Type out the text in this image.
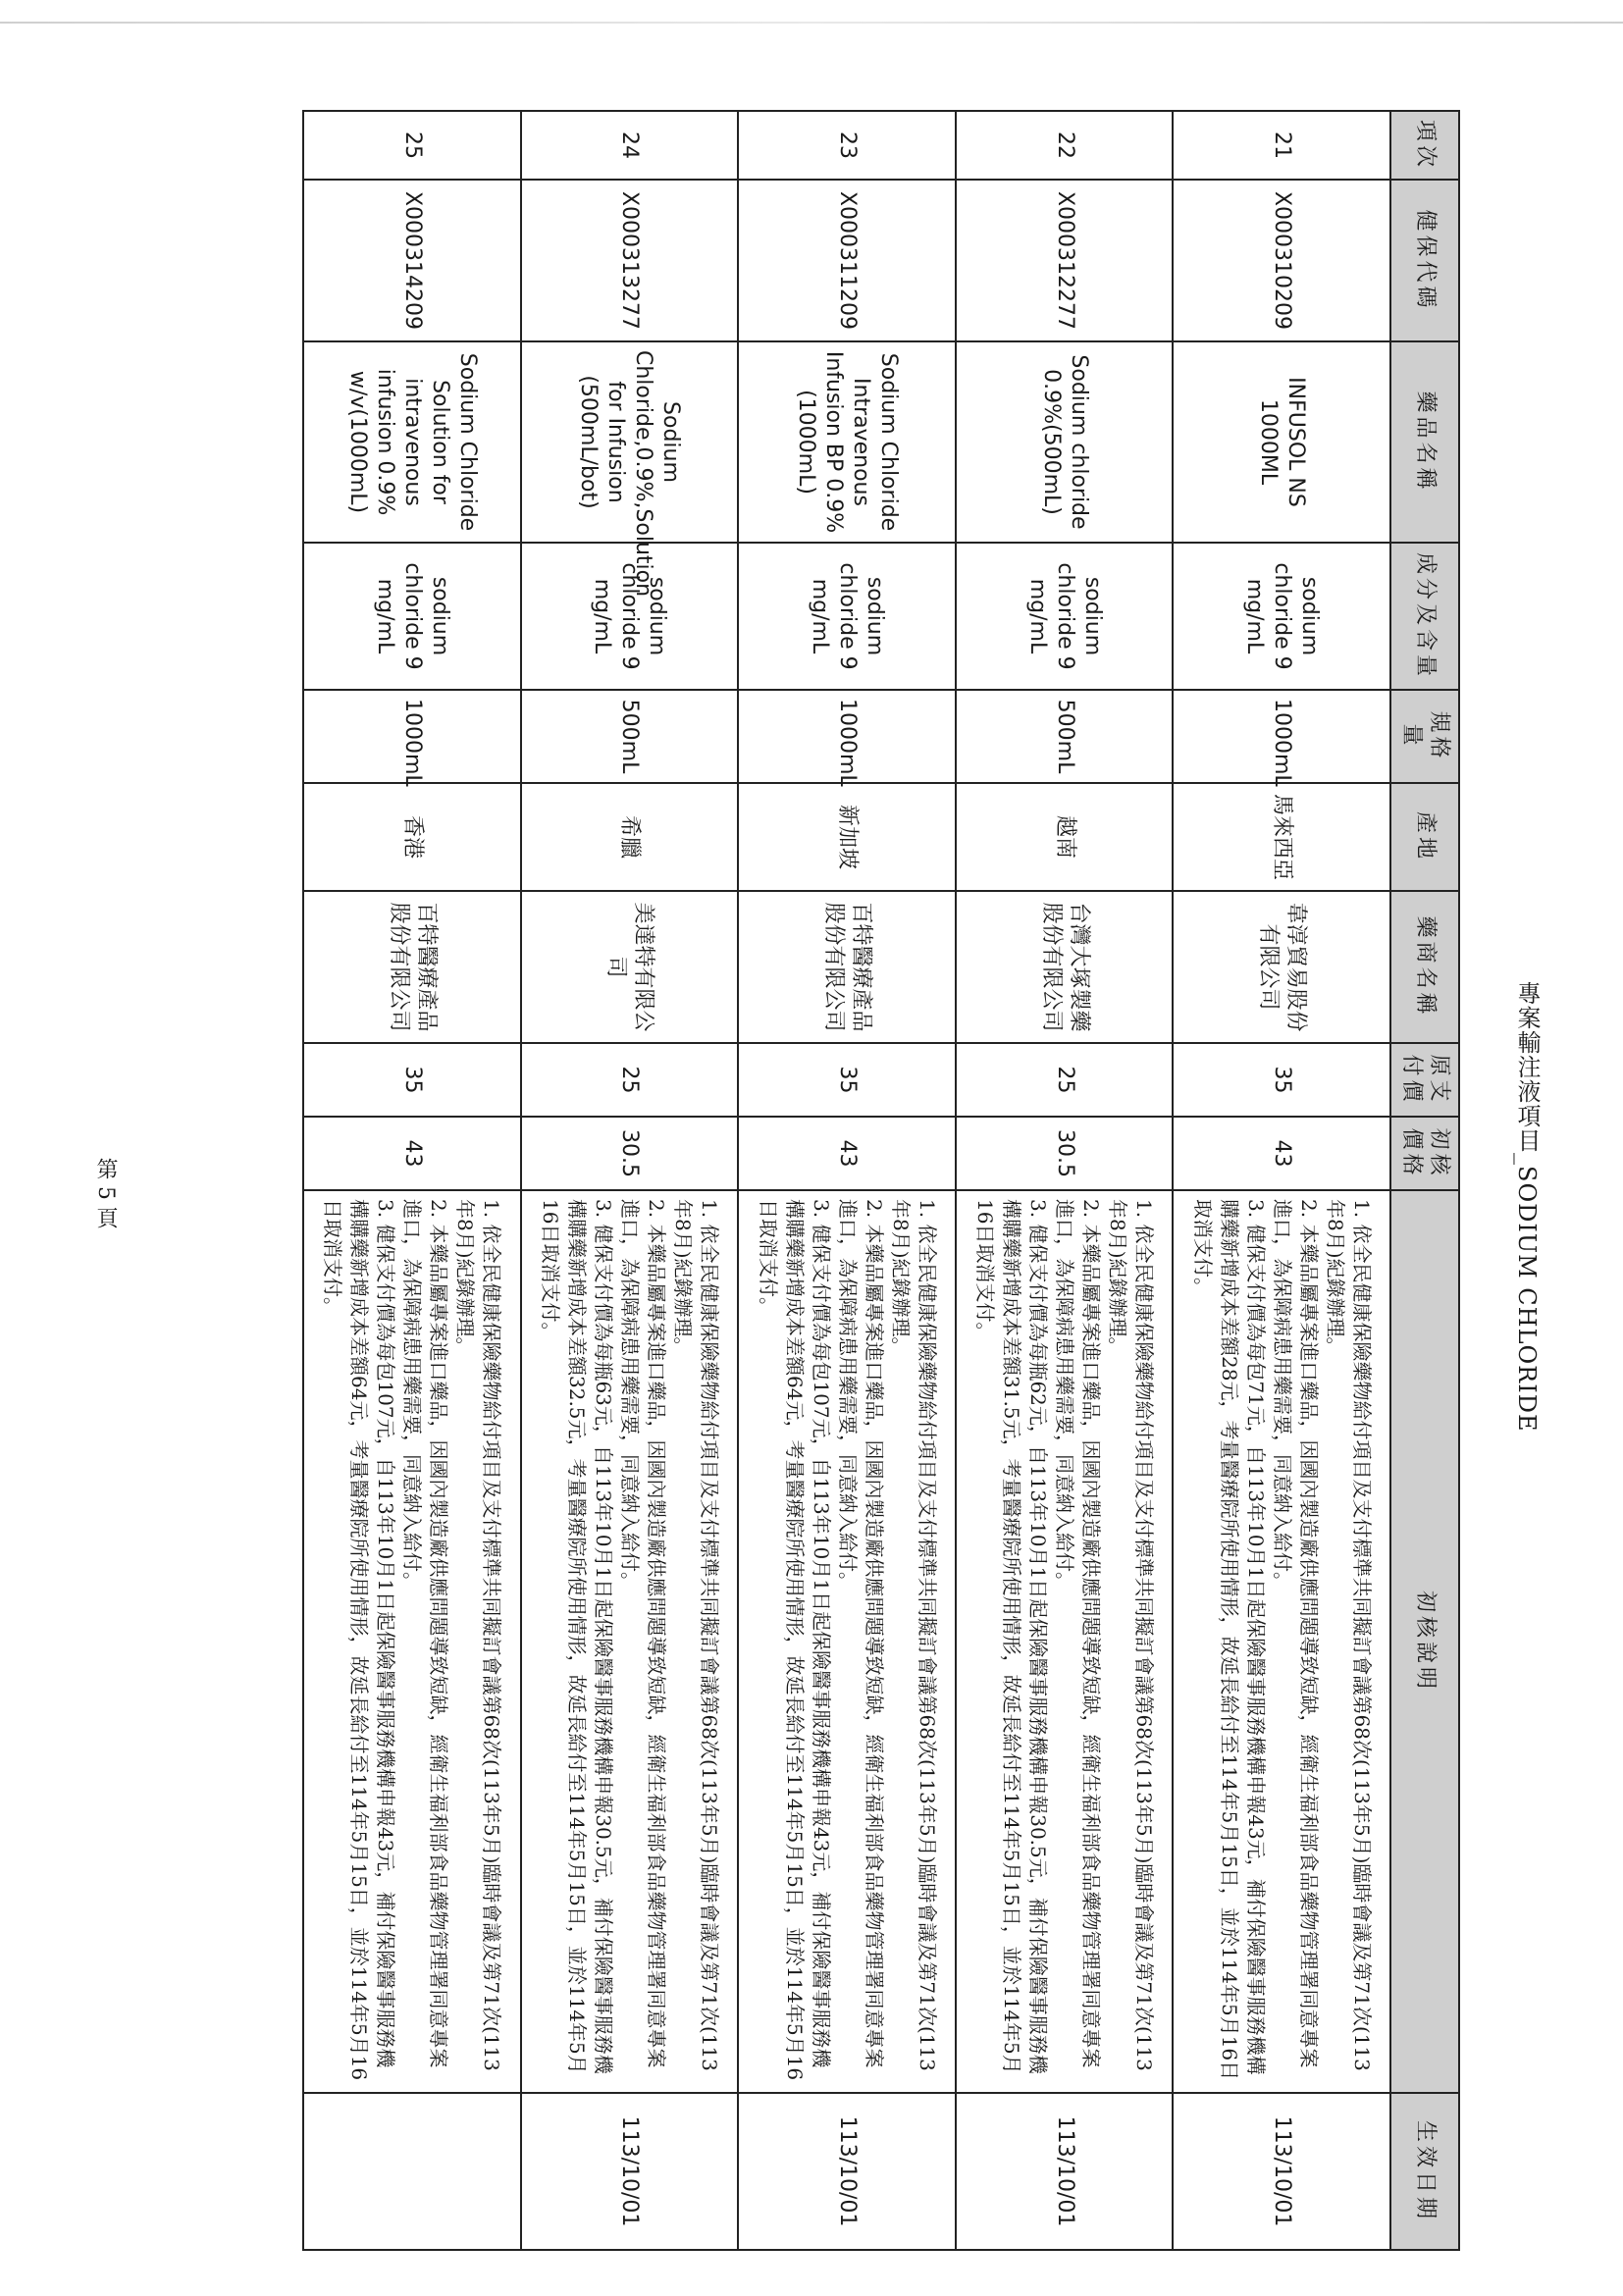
專案輸注液項目_SODIUM CHLORIDE
項次	健保代碼	藥品名稱	成分及含量	規格量	產地	藥商名稱	原支付價	初核價格	初核說明	生效日期
21	X000310209	INFUSOL NS 1000ML	sodium chloride 9 mg/mL	1000mL	馬來西亞	韋淳貿易股份有限公司	35	43	1. 依全民健康保險藥物給付項目及支付標準共同擬訂會議第68次(113年5月)臨時會議及第71次(113年8月)紀錄辦理。
2. 本藥品屬專案進口藥品，因國內製造廠供應問題導致短缺，經衛生福利部食品藥物管理署同意專案進口，為保障病患用藥需要，同意納入給付。
3. 健保支付價為每包71元，自113年10月1日起保險醫事服務機構申報43元，補付保險醫事服務機構購藥新增成本差額28元，考量醫療院所使用情形，故延長給付至114年5月15日，並於114年5月16日取消支付。	113/10/01
22	X000312277	Sodium chloride 0.9%(500mL)	sodium chloride 9 mg/mL	500mL	越南	台灣大塚製藥股份有限公司	25	30.5	1. 依全民健康保險藥物給付項目及支付標準共同擬訂會議第68次(113年5月)臨時會議及第71次(113年8月)紀錄辦理。
2. 本藥品屬專案進口藥品，因國內製造廠供應問題導致短缺，經衛生福利部食品藥物管理署同意專案進口，為保障病患用藥需要，同意納入給付。
3. 健保支付價為每瓶62元，自113年10月1日起保險醫事服務機構申報30.5元，補付保險醫事服務機構購藥新增成本差額31.5元，考量醫療院所使用情形，故延長給付至114年5月15日，並於114年5月16日取消支付。	113/10/01
23	X000311209	Sodium Chloride Intravenous Infusion BP 0.9%(1000mL)	sodium chloride 9 mg/mL	1000mL	新加坡	百特醫療產品股份有限公司	35	43	1. 依全民健康保險藥物給付項目及支付標準共同擬訂會議第68次(113年5月)臨時會議及第71次(113年8月)紀錄辦理。
2. 本藥品屬專案進口藥品，因國內製造廠供應問題導致短缺，經衛生福利部食品藥物管理署同意專案進口，為保障病患用藥需要，同意納入給付。
3. 健保支付價為每包107元，自113年10月1日起保險醫事服務機構申報43元，補付保險醫事服務機構購藥新增成本差額64元，考量醫療院所使用情形，故延長給付至114年5月15日，並於114年5月16日取消支付。	113/10/01
24	X000313277	Sodium Chloride,0.9%,Solution for Infusion (500mL/bot)	sodium chloride 9 mg/mL	500mL	希臘	美達特有限公司	25	30.5	1. 依全民健康保險藥物給付項目及支付標準共同擬訂會議第68次(113年5月)臨時會議及第71次(113年8月)紀錄辦理。
2. 本藥品屬專案進口藥品，因國內製造廠供應問題導致短缺，經衛生福利部食品藥物管理署同意專案進口，為保障病患用藥需要，同意納入給付。
3. 健保支付價為每瓶63元，自113年10月1日起保險醫事服務機構申報30.5元，補付保險醫事服務機構購藥新增成本差額32.5元，考量醫療院所使用情形，故延長給付至114年5月15日，並於114年5月16日取消支付。	113/10/01
25	X000314209	Sodium Chloride Solution for intravenous infusion 0.9% w/v(1000mL)	sodium chloride 9 mg/mL	1000mL	香港	百特醫療產品股份有限公司	35	43	1. 依全民健康保險藥物給付項目及支付標準共同擬訂會議第68次(113年5月)臨時會議及第71次(113年8月)紀錄辦理。
2. 本藥品屬專案進口藥品，因國內製造廠供應問題導致短缺，經衛生福利部食品藥物管理署同意專案進口，為保障病患用藥需要，同意納入給付。
3. 健保支付價為每包107元，自113年10月1日起保險醫事服務機構申報43元，補付保險醫事服務機構購藥新增成本差額64元，考量醫療院所使用情形，故延長給付至114年5月15日，並於114年5月16日取消支付。	

第 5 頁
